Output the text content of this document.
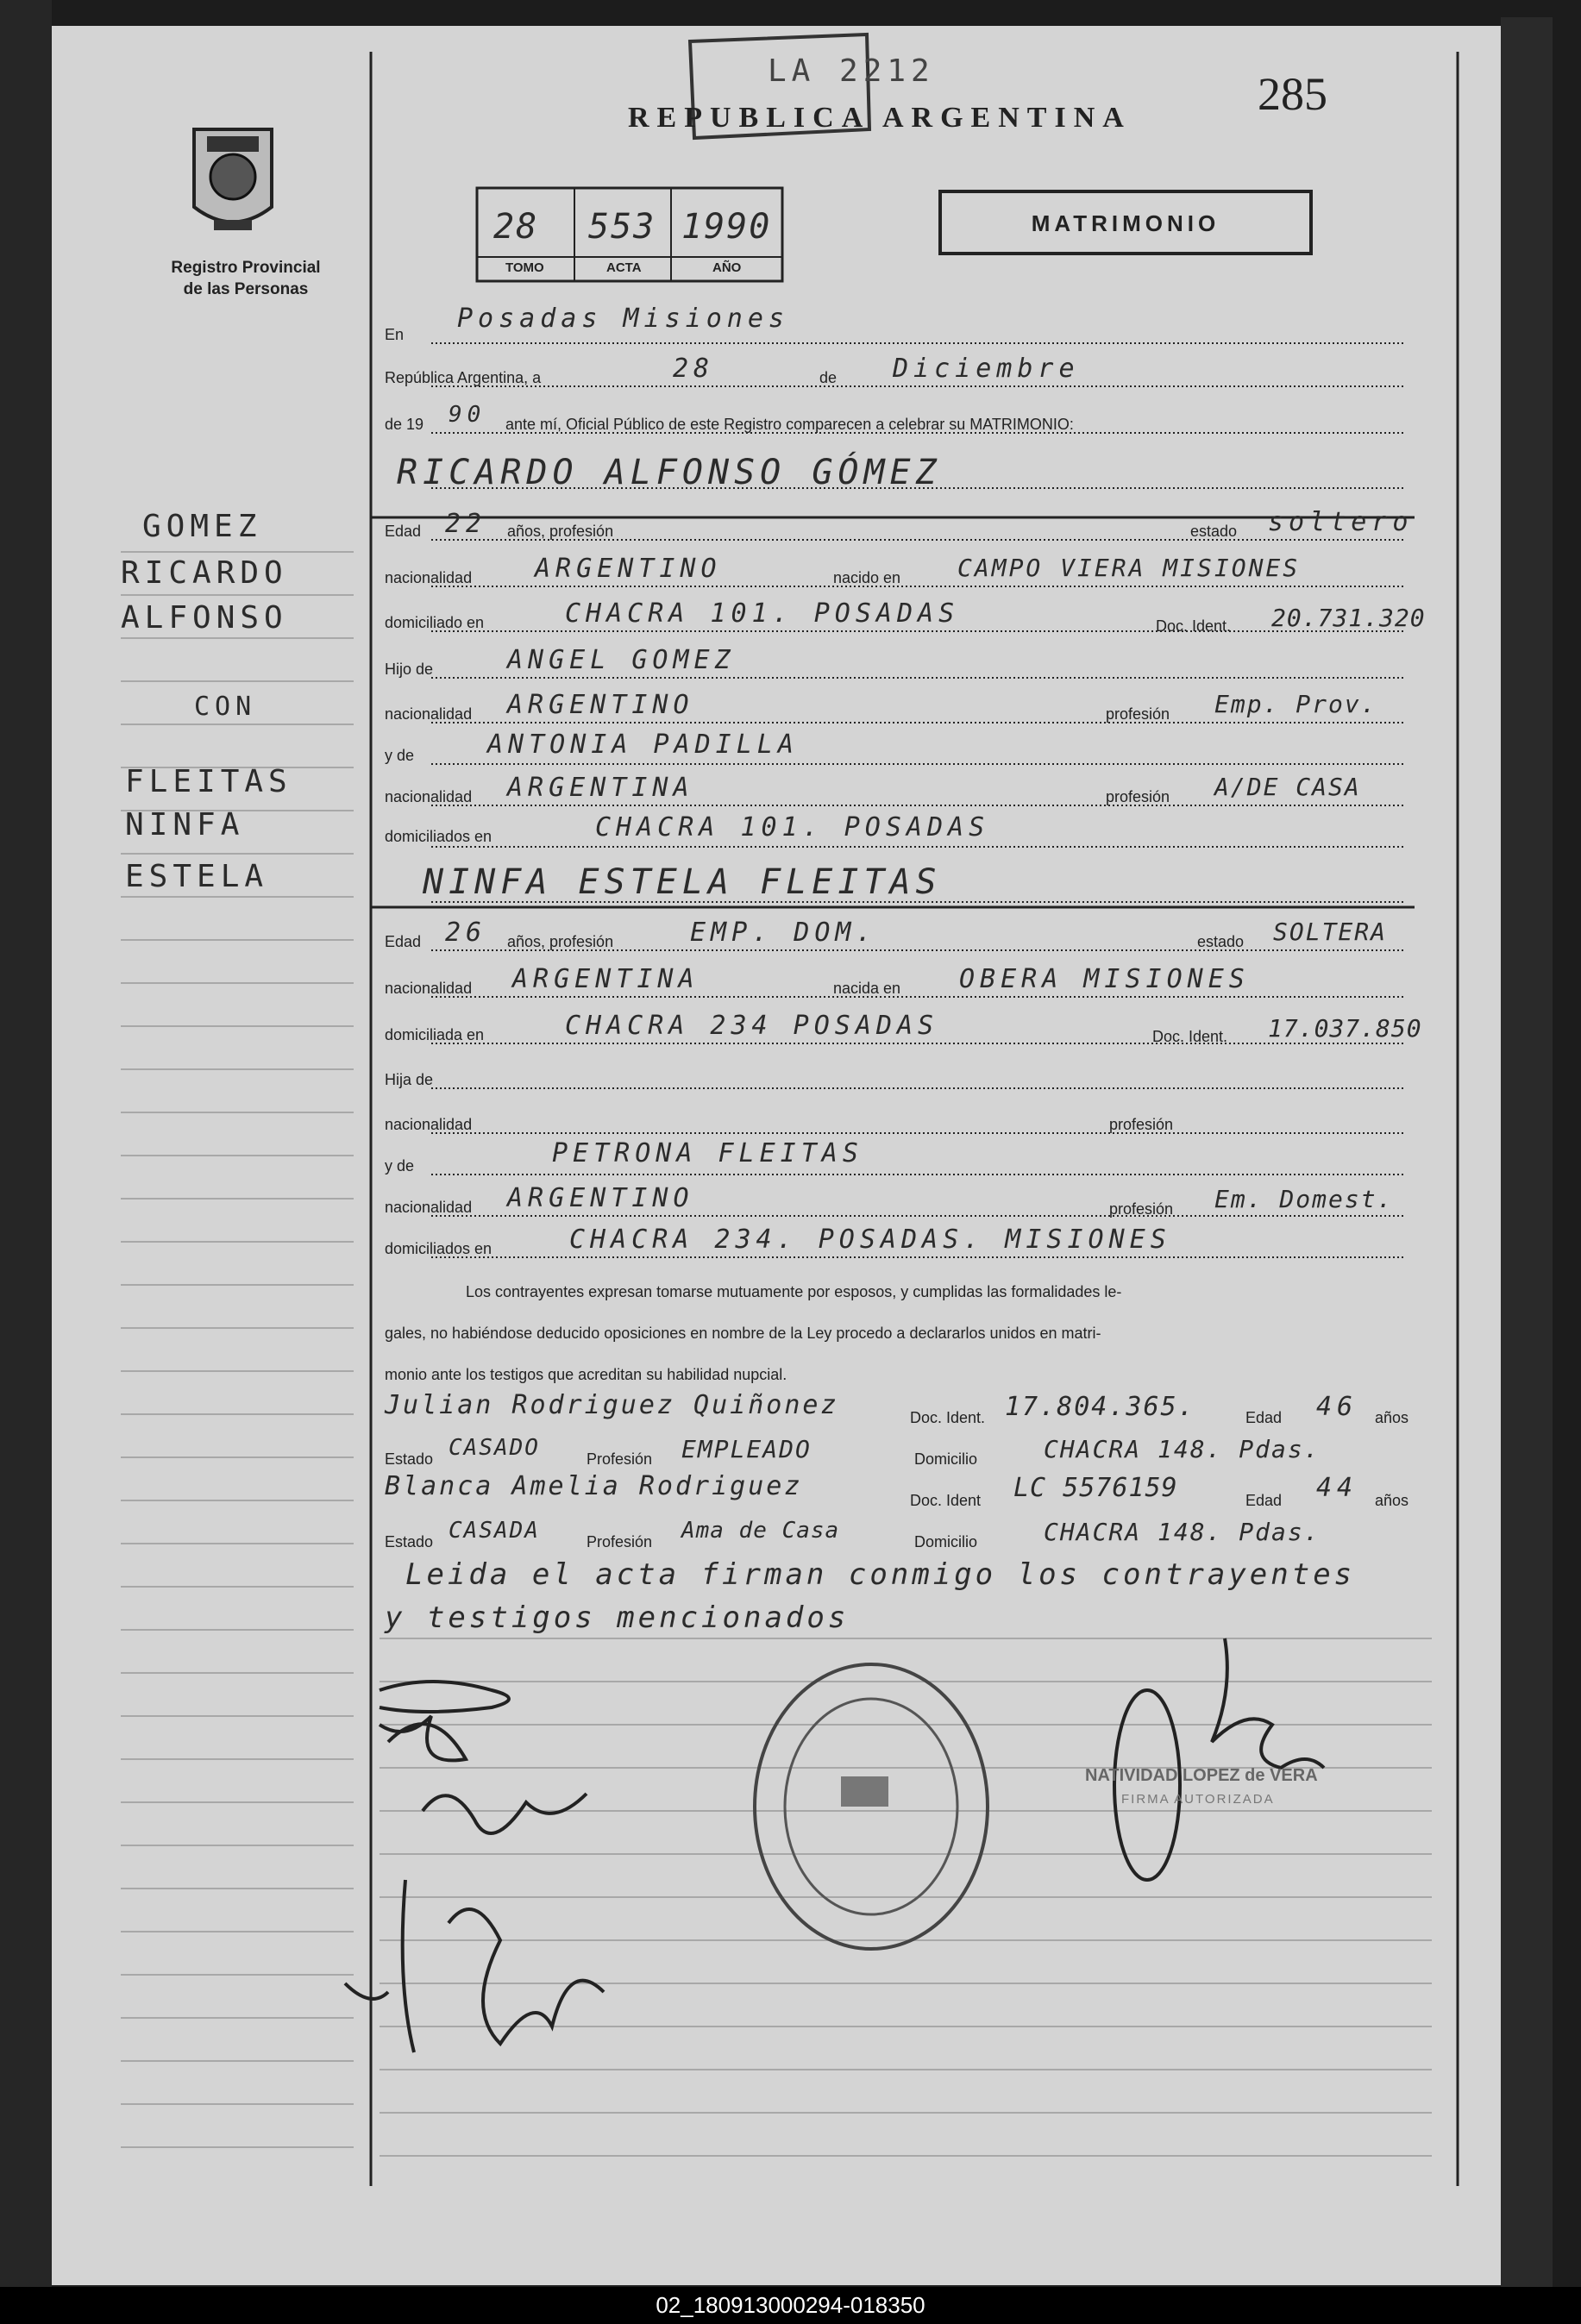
285
LA 2212
REPUBLICA ARGENTINA
Registro Provincial
de las Personas
28 553 1990
TOMO	ACTA	AÑO
MATRIMONIO
GOMEZ
RICARDO
ALFONSO
CON
FLEITAS
NINFA
ESTELA
En
Posadas Misiones
República Argentina, a	28	de Diciembre
de 19 90 ante mí, Oficial Público de este Registro comparecen a celebrar su MATRIMONIO:
RICARDO ALFONSO GÓMEZ
Edad 22 años, profesión	estado soltero
nacionalidad ARGENTINO	nacido en CAMPO VIERA MISIONES
domiciliado en	CHACRA 101. POSADAS	Doc. Ident. 20.731.320
Hijo de	ANGEL GOMEZ
nacionalidad ARGENTINO	profesión Emp. Prov.
y de	ANTONIA PADILLA
nacionalidad ARGENTINA	profesión A/DE CASA
domiciliados en	CHACRA 101. POSADAS
NINFA ESTELA FLEITAS
Edad 26 años, profesión	EMP. DOM.	estado SOLTERA
nacionalidad ARGENTINA	nacida en OBERA MISIONES
domiciliada en	CHACRA 234 POSADAS	Doc. Ident. 17.037.850
Hija de
nacionalidad	profesión
y de	PETRONA FLEITAS
nacionalidad ARGENTINO	profesión Em. Domest.
domiciliados en	CHACRA 234. POSADAS. MISIONES
Los contrayentes expresan tomarse mutuamente por esposos, y cumplidas las formalidades le-
gales, no habiéndose deducido oposiciones en nombre de la Ley procedo a declararlos unidos en matri-
monio ante los testigos que acreditan su habilidad nupcial.
Julian Rodriguez Quiñonez	Doc. Ident. 17.804.365.	Edad 46 años
Estado CASADO	Profesión EMPLEADO	Domicilio	CHACRA 148. Pdas.
Blanca Amelia Rodriguez	Doc. Ident LC 5576159	Edad 44 años
Estado CASADA	Profesión Ama de Casa	Domicilio	CHACRA 148. Pdas.
Leida el acta firman conmigo los contrayentes
y testigos mencionados
NATIVIDAD LOPEZ de VERA
FIRMA AUTORIZADA
02_180913000294-018350
